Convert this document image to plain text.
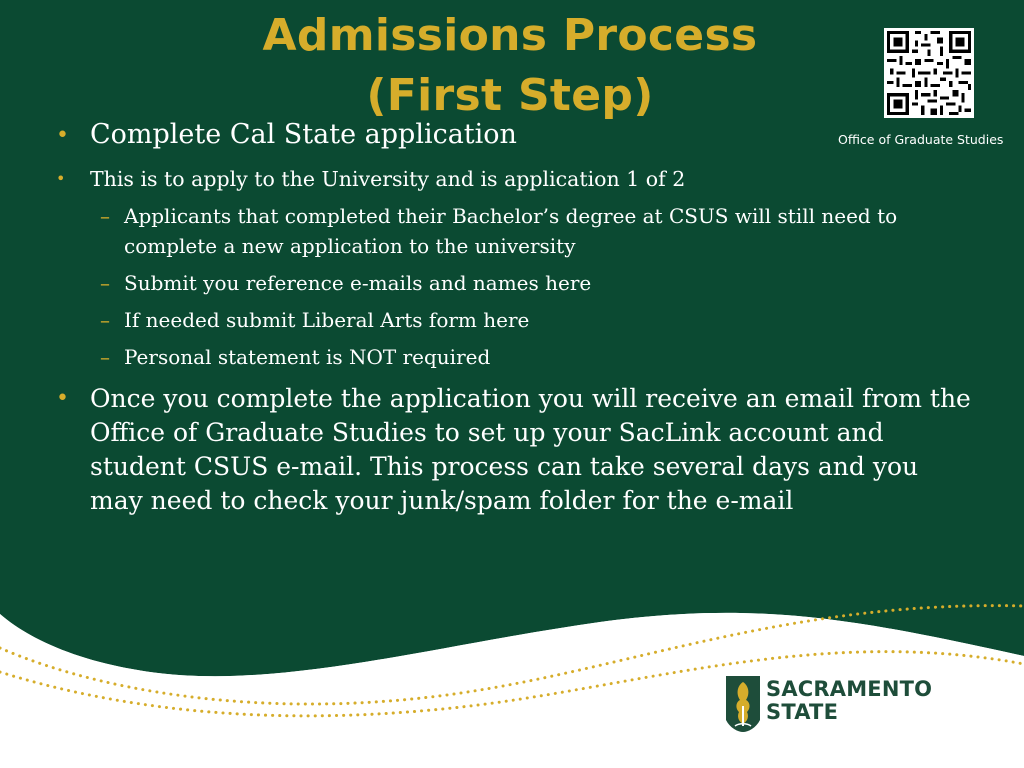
Admissions Process
(First Step)
Office of Graduate Studies
• Complete Cal State application
• This is to apply to the University and is application 1 of 2
– Applicants that completed their Bachelor’s degree at CSUS will still need to complete a new application to the university
– Submit you reference e-mails and names here
– If needed submit Liberal Arts form here
– Personal statement is NOT required
• Once you complete the application you will receive an email from the Office of Graduate Studies to set up your SacLink account and student CSUS e-mail. This process can take several days and you may need to check your junk/spam folder for the e-mail
SACRAMENTO
STATE
